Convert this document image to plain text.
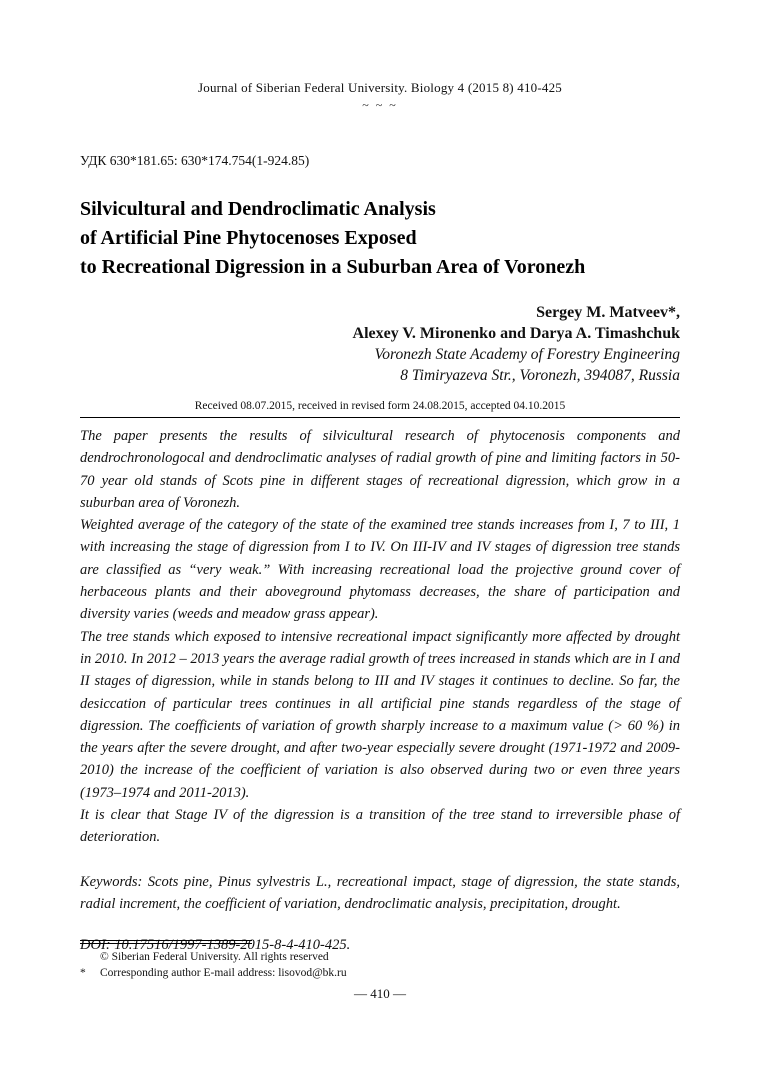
Journal of Siberian Federal University. Biology 4 (2015 8) 410-425
~ ~ ~
УДК 630*181.65: 630*174.754(1-924.85)
Silvicultural and Dendroclimatic Analysis
of Artificial Pine Phytocenoses Exposed
to Recreational Digression in a Suburban Area of Voronezh
Sergey M. Matveev*,
Alexey V. Mironenko and Darya A. Timashchuk
Voronezh State Academy of Forestry Engineering
8 Timiryazeva Str., Voronezh, 394087, Russia
Received 08.07.2015, received in revised form 24.08.2015, accepted 04.10.2015

The paper presents the results of silvicultural research of phytocenosis components and dendrochronologocal and dendroclimatic analyses of radial growth of pine and limiting factors in 50-70 year old stands of Scots pine in different stages of recreational digression, which grow in a suburban area of Voronezh.

Weighted average of the category of the state of the examined tree stands increases from I, 7 to III, 1 with increasing the stage of digression from I to IV. On III-IV and IV stages of digression tree stands are classified as “very weak.” With increasing recreational load the projective ground cover of herbaceous plants and their aboveground phytomass decreases, the share of participation and diversity varies (weeds and meadow grass appear).

The tree stands which exposed to intensive recreational impact significantly more affected by drought in 2010. In 2012 – 2013 years the average radial growth of trees increased in stands which are in I and II stages of digression, while in stands belong to III and IV stages it continues to decline. So far, the desiccation of particular trees continues in all artificial pine stands regardless of the stage of digression. The coefficients of variation of growth sharply increase to a maximum value (> 60 %) in the years after the severe drought, and after two-year especially severe drought (1971-1972 and 2009-2010) the increase of the coefficient of variation is also observed during two or even three years (1973–1974 and 2011-2013).

It is clear that Stage IV of the digression is a transition of the tree stand to irreversible phase of deterioration.

Keywords: Scots pine, Pinus sylvestris L., recreational impact, stage of digression, the state stands, radial increment, the coefficient of variation, dendroclimatic analysis, precipitation, drought.
DOI: 10.17516/1997-1389-2015-8-4-410-425.
© Siberian Federal University. All rights reserved
* Corresponding author E-mail address: lisovod@bk.ru
— 410 —
